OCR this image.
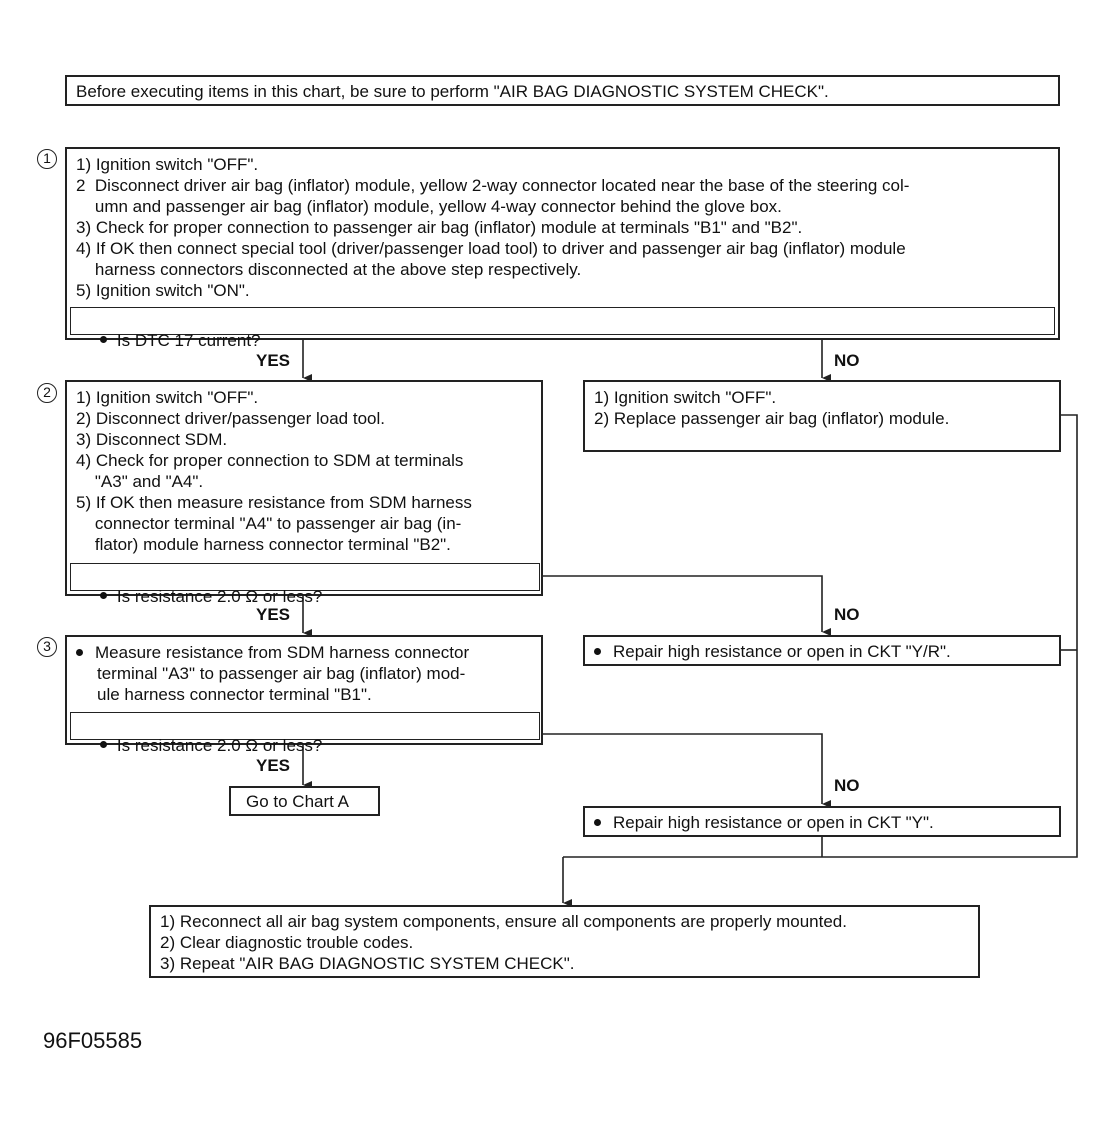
Before executing items in this chart, be sure to perform "AIR BAG DIAGNOSTIC SYSTEM CHECK".
1	1) Ignition switch "OFF".
2  Disconnect driver air bag (inflator) module, yellow 2-way connector located near the base of the steering col-
umn and passenger air bag (inflator) module, yellow 4-way connector behind the glove box.
3) Check for proper connection to passenger air bag (inflator) module at terminals "B1" and "B2".
4) If OK then connect special tool (driver/passenger load tool) to driver and passenger air bag (inflator) module
harness connectors disconnected at the above step respectively.
5) Ignition switch "ON".

Is DTC 17 current?

YES	NO
2	1) Ignition switch "OFF".
2) Disconnect driver/passenger load tool.
3) Disconnect SDM.
4) Check for proper connection to SDM at terminals
"A3" and "A4".
5) If OK then measure resistance from SDM harness
connector terminal "A4" to passenger air bag (in-
flator) module harness connector terminal "B2".

Is resistance 2.0 Ω or less?

1) Ignition switch "OFF".
2) Replace passenger air bag (inflator) module.
YES	NO
3	Measure resistance from SDM harness connector
terminal "A3" to passenger air bag (inflator) mod-
ule harness connector terminal "B1".

Is resistance 2.0 Ω or less?

Repair high resistance or open in CKT "Y/R".
YES
NO
Go to Chart A
Repair high resistance or open in CKT "Y".
1) Reconnect all air bag system components, ensure all components are properly mounted.
2) Clear diagnostic trouble codes.
3) Repeat "AIR BAG DIAGNOSTIC SYSTEM CHECK".
96F05585
